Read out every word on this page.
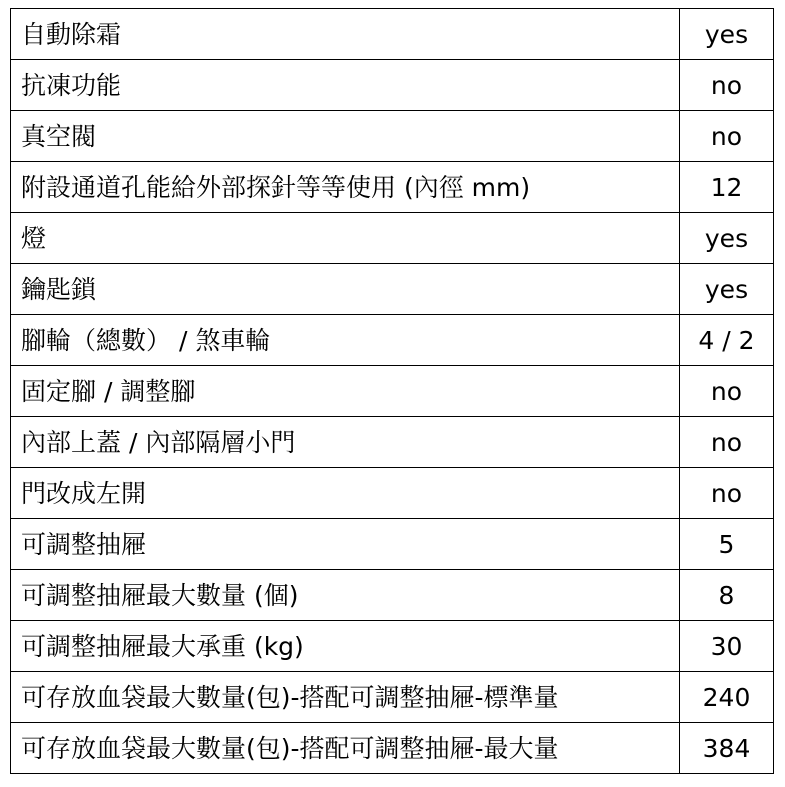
自動除霜	yes
抗凍功能	no
真空閥	no
附設通道孔能給外部探針等等使用 (內徑 mm)	12
燈	yes
鑰匙鎖	yes
腳輪（總數） / 煞車輪	4 / 2
固定腳 / 調整腳	no
內部上蓋 / 內部隔層小門	no
門改成左開	no
可調整抽屜	5
可調整抽屜最大數量 (個)	8
可調整抽屜最大承重 (kg)	30
可存放血袋最大數量(包)-搭配可調整抽屜-標準量	240
可存放血袋最大數量(包)-搭配可調整抽屜-最大量	384
